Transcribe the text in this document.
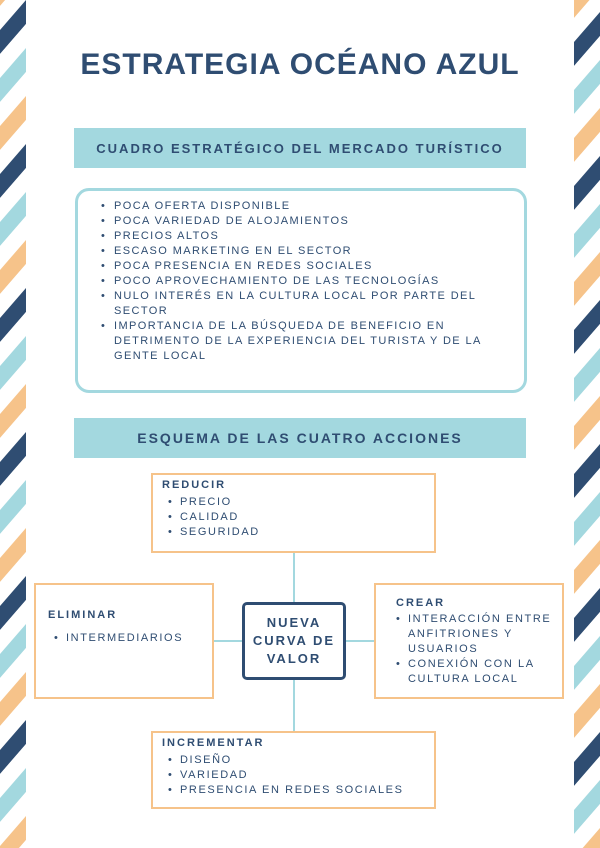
ESTRATEGIA OCÉANO AZUL
CUADRO ESTRATÉGICO DEL MERCADO TURÍSTICO
• POCA OFERTA DISPONIBLE
• POCA VARIEDAD DE ALOJAMIENTOS
• PRECIOS ALTOS
• ESCASO MARKETING EN EL SECTOR
• POCA PRESENCIA EN REDES SOCIALES
• POCO APROVECHAMIENTO DE LAS TECNOLOGÍAS
• NULO INTERÉS EN LA CULTURA LOCAL POR PARTE DEL SECTOR
• IMPORTANCIA DE LA BÚSQUEDA DE BENEFICIO EN DETRIMENTO DE LA EXPERIENCIA DEL TURISTA Y DE LA GENTE LOCAL
ESQUEMA DE LAS CUATRO ACCIONES
REDUCIR
• PRECIO
• CALIDAD
• SEGURIDAD
ELIMINAR
• INTERMEDIARIOS
NUEVA
CURVA DE
VALOR
CREAR
• INTERACCIÓN ENTRE ANFITRIONES Y USUARIOS
• CONEXIÓN CON LA CULTURA LOCAL
INCREMENTAR
• DISEÑO
• VARIEDAD
• PRESENCIA EN REDES SOCIALES
